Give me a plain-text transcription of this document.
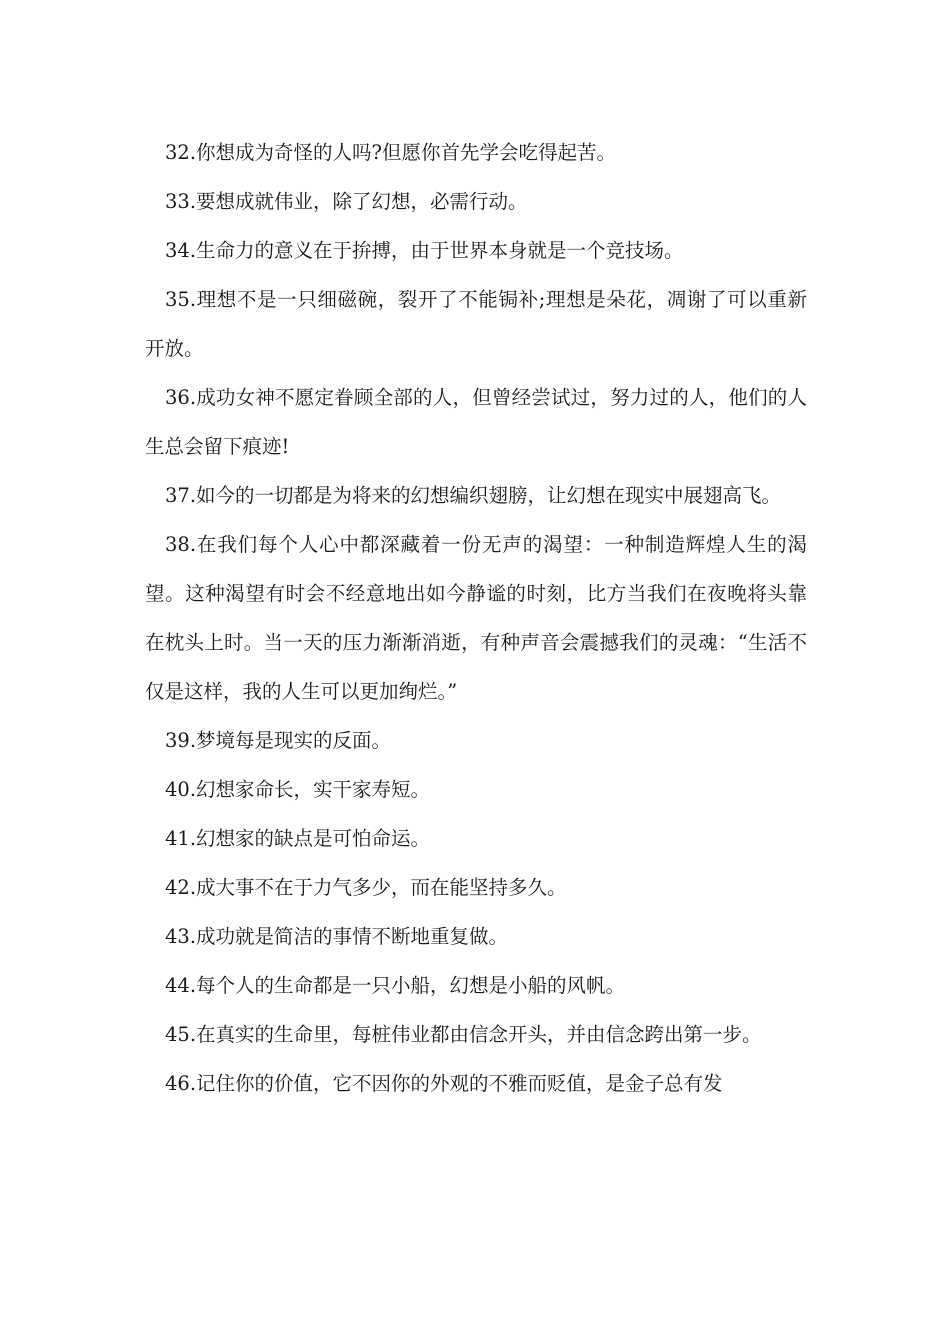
32.你想成为奇怪的人吗?但愿你首先学会吃得起苦。

33.要想成就伟业，除了幻想，必需行动。

34.生命力的意义在于拚搏，由于世界本身就是一个竞技场。

35.理想不是一只细磁碗，裂开了不能锔补;理想是朵花，凋谢了可以重新开放。

36.成功女神不愿定眷顾全部的人，但曾经尝试过，努力过的人，他们的人生总会留下痕迹!

37.如今的一切都是为将来的幻想编织翅膀，让幻想在现实中展翅高飞。

38.在我们每个人心中都深藏着一份无声的渴望：一种制造辉煌人生的渴望。这种渴望有时会不经意地出如今静谧的时刻，比方当我们在夜晚将头靠在枕头上时。当一天的压力渐渐消逝，有种声音会震撼我们的灵魂：“生活不仅是这样，我的人生可以更加绚烂。”

39.梦境每是现实的反面。

40.幻想家命长，实干家寿短。

41.幻想家的缺点是可怕命运。

42.成大事不在于力气多少，而在能坚持多久。

43.成功就是简洁的事情不断地重复做。

44.每个人的生命都是一只小船，幻想是小船的风帆。

45.在真实的生命里，每桩伟业都由信念开头，并由信念跨出第一步。

46.记住你的价值，它不因你的外观的不雅而贬值，是金子总有发
